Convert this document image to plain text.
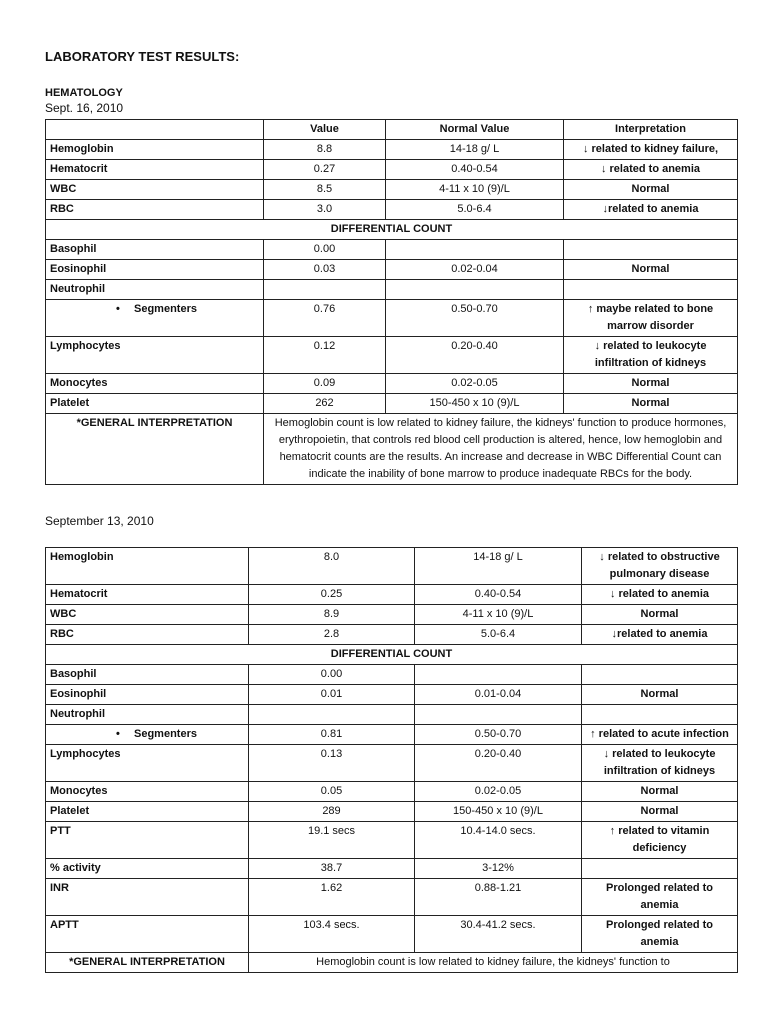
LABORATORY TEST RESULTS:
HEMATOLOGY
Sept. 16, 2010
	Value	Normal Value	Interpretation
Hemoglobin	8.8	14-18 g/ L	↓ related to kidney failure,
Hematocrit	0.27	0.40-0.54	↓ related to anemia
WBC	8.5	4-11 x 10 (9)/L	Normal
RBC	3.0	5.0-6.4	↓related to anemia
DIFFERENTIAL COUNT			
Basophil	0.00		
Eosinophil	0.03	0.02-0.04	Normal
Neutrophil			
• Segmenters	0.76	0.50-0.70	↑ maybe related to bone marrow disorder
Lymphocytes	0.12	0.20-0.40	↓ related to leukocyte infiltration of kidneys
Monocytes	0.09	0.02-0.05	Normal
Platelet	262	150-450 x 10 (9)/L	Normal
*GENERAL INTERPRETATION	Hemoglobin count is low related to kidney failure, the kidneys' function to produce hormones, erythropoietin, that controls red blood cell production is altered, hence, low hemoglobin and hematocrit counts are the results. An increase and decrease in WBC Differential Count can indicate the inability of bone marrow to produce inadequate RBCs for the body.		
September 13, 2010
Hemoglobin	8.0	14-18 g/ L	↓ related to obstructive pulmonary disease
Hematocrit	0.25	0.40-0.54	↓ related to anemia
WBC	8.9	4-11 x 10 (9)/L	Normal
RBC	2.8	5.0-6.4	↓related to anemia
DIFFERENTIAL COUNT			
Basophil	0.00		
Eosinophil	0.01	0.01-0.04	Normal
Neutrophil			
• Segmenters	0.81	0.50-0.70	↑ related to acute infection
Lymphocytes	0.13	0.20-0.40	↓ related to leukocyte infiltration of kidneys
Monocytes	0.05	0.02-0.05	Normal
Platelet	289	150-450 x 10 (9)/L	Normal
PTT	19.1 secs	10.4-14.0 secs.	↑ related to vitamin deficiency
% activity	38.7	3-12%	
INR	1.62	0.88-1.21	Prolonged related to anemia
APTT	103.4 secs.	30.4-41.2 secs.	Prolonged related to anemia
*GENERAL INTERPRETATION	Hemoglobin count is low related to kidney failure, the kidneys' function to		
